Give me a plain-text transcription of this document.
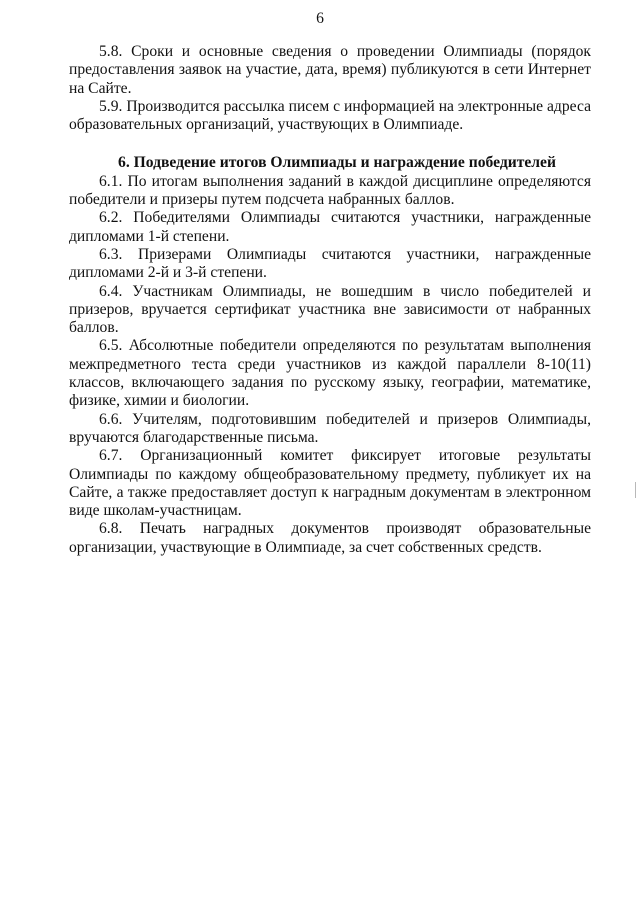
6

5.8. Сроки и основные сведения о проведении Олимпиады (порядок предоставления заявок на участие, дата, время) публикуются в сети Интернет на Сайте.

5.9. Производится рассылка писем с информацией на электронные адреса образовательных организаций, участвующих в Олимпиаде.

6. Подведение итогов Олимпиады и награждение победителей

6.1. По итогам выполнения заданий в каждой дисциплине определяются победители и призеры путем подсчета набранных баллов.

6.2. Победителями Олимпиады считаются участники, награжденные дипломами 1-й степени.

6.3. Призерами Олимпиады считаются участники, награжденные дипломами 2-й и 3-й степени.

6.4. Участникам Олимпиады, не вошедшим в число победителей и призеров, вручается сертификат участника вне зависимости от набранных баллов.

6.5. Абсолютные победители определяются по результатам выполнения межпредметного теста среди участников из каждой параллели 8-10(11) классов, включающего задания по русскому языку, географии, математике, физике, химии и биологии.

6.6. Учителям, подготовившим победителей и призеров Олимпиады, вручаются благодарственные письма.

6.7. Организационный комитет фиксирует итоговые результаты Олимпиады по каждому общеобразовательному предмету, публикует их на Сайте, а также предоставляет доступ к наградным документам в электронном виде школам-участницам.

6.8. Печать наградных документов производят образовательные организации, участвующие в Олимпиаде, за счет собственных средств.
